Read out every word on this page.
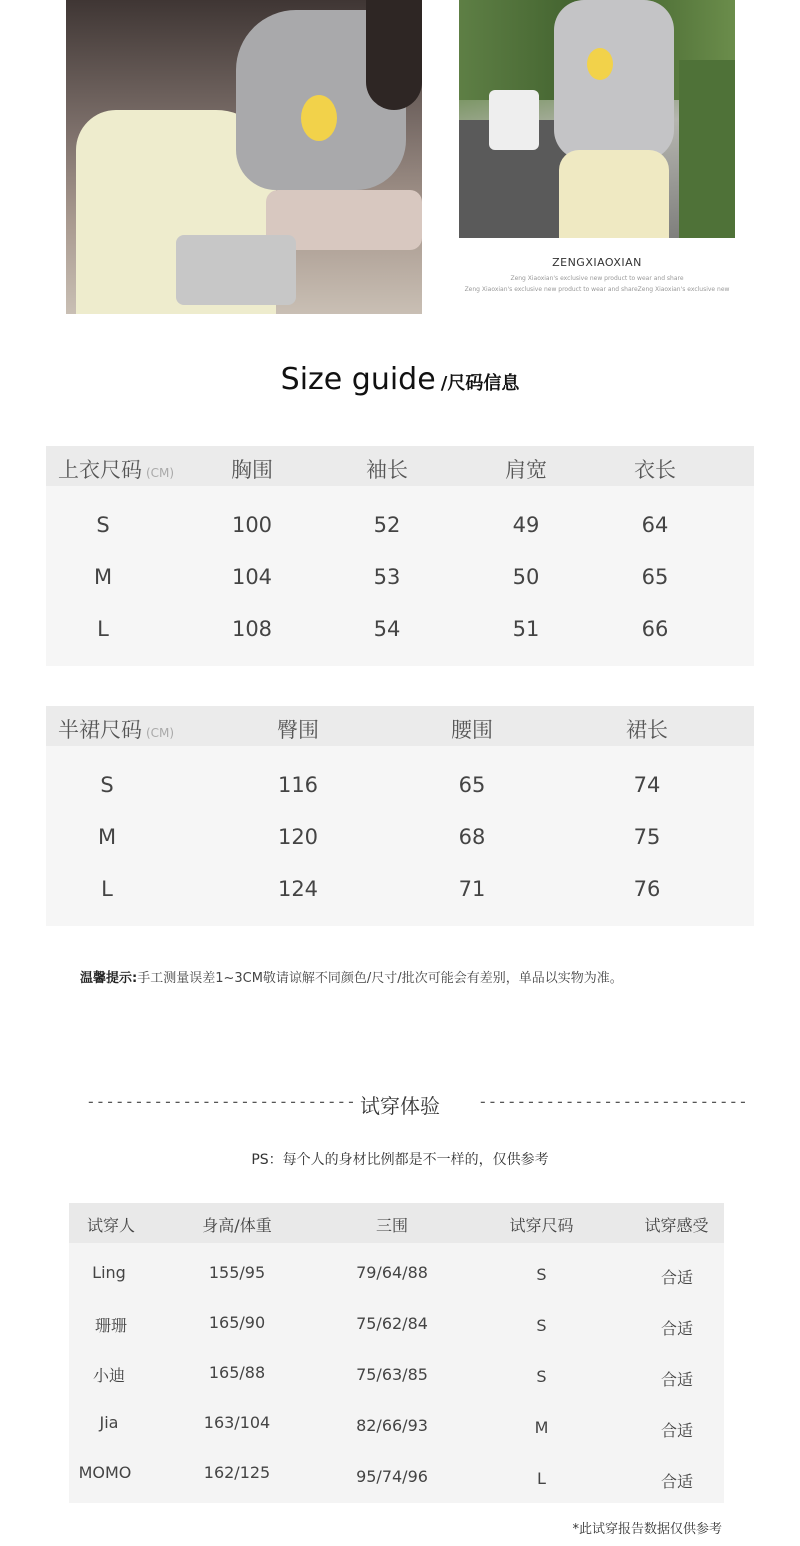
ZENGXIAOXIAN
Zeng Xiaoxian's exclusive new product to wear and share
Zeng Xiaoxian's exclusive new product to wear and shareZeng Xiaoxian's exclusive new
Size guide /尺码信息
上衣尺码 (CM)	胸围	袖长	肩宽	衣长
S	100	52	49	64
M	104	53	50	65
L	108	54	51	66
半裙尺码 (CM)	臀围	腰围	裙长
S	116	65	74
M	120	68	75
L	124	71	76
温馨提示:手工测量误差1~3CM敬请谅解不同颜色/尺寸/批次可能会有差别，单品以实物为准。
---------------------------- 试穿体验	----------------------------
PS：每个人的身材比例都是不一样的，仅供参考
试穿人	身高/体重	三围	试穿尺码	试穿感受
Ling	155/95	79/64/88	S	合适
珊珊	165/90	75/62/84	S	合适
小迪	165/88	75/63/85	S	合适
Jia	163/104	82/66/93	M	合适
MOMO	162/125	95/74/96	L	合适
*此试穿报告数据仅供参考
